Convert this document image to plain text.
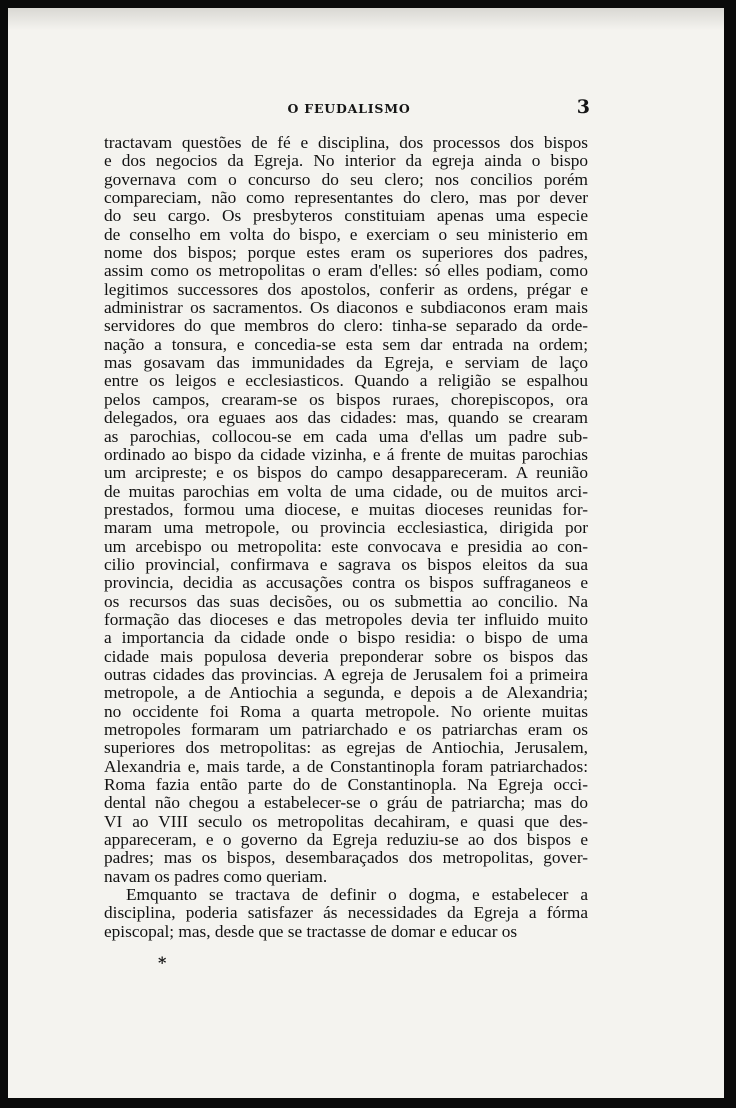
O FEUDALISMO	3
tractavam questões de fé e disciplina, dos processos dos bispos
e dos negocios da Egreja. No interior da egreja ainda o bispo
governava com o concurso do seu clero; nos concilios porém
compareciam, não como representantes do clero, mas por dever
do seu cargo. Os presbyteros constituiam apenas uma especie
de conselho em volta do bispo, e exerciam o seu ministerio em
nome dos bispos; porque estes eram os superiores dos padres,
assim como os metropolitas o eram d'elles: só elles podiam, como
legitimos successores dos apostolos, conferir as ordens, prégar e
administrar os sacramentos. Os diaconos e subdiaconos eram mais
servidores do que membros do clero: tinha-se separado da orde-
nação a tonsura, e concedia-se esta sem dar entrada na ordem;
mas gosavam das immunidades da Egreja, e serviam de laço
entre os leigos e ecclesiasticos. Quando a religião se espalhou
pelos campos, crearam-se os bispos ruraes, chorepiscopos, ora
delegados, ora eguaes aos das cidades: mas, quando se crearam
as parochias, collocou-se em cada uma d'ellas um padre sub-
ordinado ao bispo da cidade vizinha, e á frente de muitas parochias
um arcipreste; e os bispos do campo desappareceram. A reunião
de muitas parochias em volta de uma cidade, ou de muitos arci-
prestados, formou uma diocese, e muitas dioceses reunidas for-
maram uma metropole, ou provincia ecclesiastica, dirigida por
um arcebispo ou metropolita: este convocava e presidia ao con-
cilio provincial, confirmava e sagrava os bispos eleitos da sua
provincia, decidia as accusações contra os bispos suffraganeos e
os recursos das suas decisões, ou os submettia ao concilio. Na
formação das dioceses e das metropoles devia ter influido muito
a importancia da cidade onde o bispo residia: o bispo de uma
cidade mais populosa deveria preponderar sobre os bispos das
outras cidades das provincias. A egreja de Jerusalem foi a primeira
metropole, a de Antiochia a segunda, e depois a de Alexandria;
no occidente foi Roma a quarta metropole. No oriente muitas
metropoles formaram um patriarchado e os patriarchas eram os
superiores dos metropolitas: as egrejas de Antiochia, Jerusalem,
Alexandria e, mais tarde, a de Constantinopla foram patriarchados:
Roma fazia então parte do de Constantinopla. Na Egreja occi-
dental não chegou a estabelecer-se o gráu de patriarcha; mas do
VI ao VIII seculo os metropolitas decahiram, e quasi que des-
appareceram, e o governo da Egreja reduziu-se ao dos bispos e
padres; mas os bispos, desembaraçados dos metropolitas, gover-
navam os padres como queriam.
Emquanto se tractava de definir o dogma, e estabelecer a
disciplina, poderia satisfazer ás necessidades da Egreja a fórma
episcopal; mas, desde que se tractasse de domar e educar os
*
